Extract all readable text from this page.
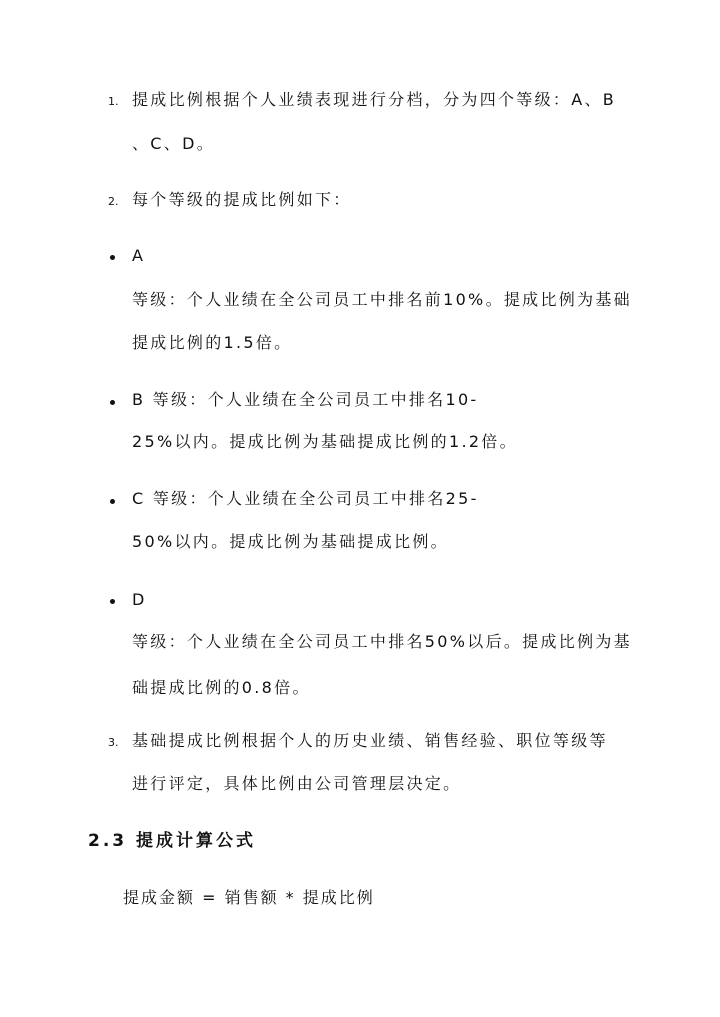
1. 提成比例根据个人业绩表现进行分档，分为四个等级：A、B
、C、D。
2. 每个等级的提成比例如下：
A
等级：个人业绩在全公司员工中排名前10%。提成比例为基础
提成比例的1.5倍。
B 等级：个人业绩在全公司员工中排名10-
25%以内。提成比例为基础提成比例的1.2倍。
C 等级：个人业绩在全公司员工中排名25-
50%以内。提成比例为基础提成比例。
D
等级：个人业绩在全公司员工中排名50%以后。提成比例为基
础提成比例的0.8倍。
3. 基础提成比例根据个人的历史业绩、销售经验、职位等级等
进行评定，具体比例由公司管理层决定。
2.3 提成计算公式
提成金额 = 销售额 * 提成比例
